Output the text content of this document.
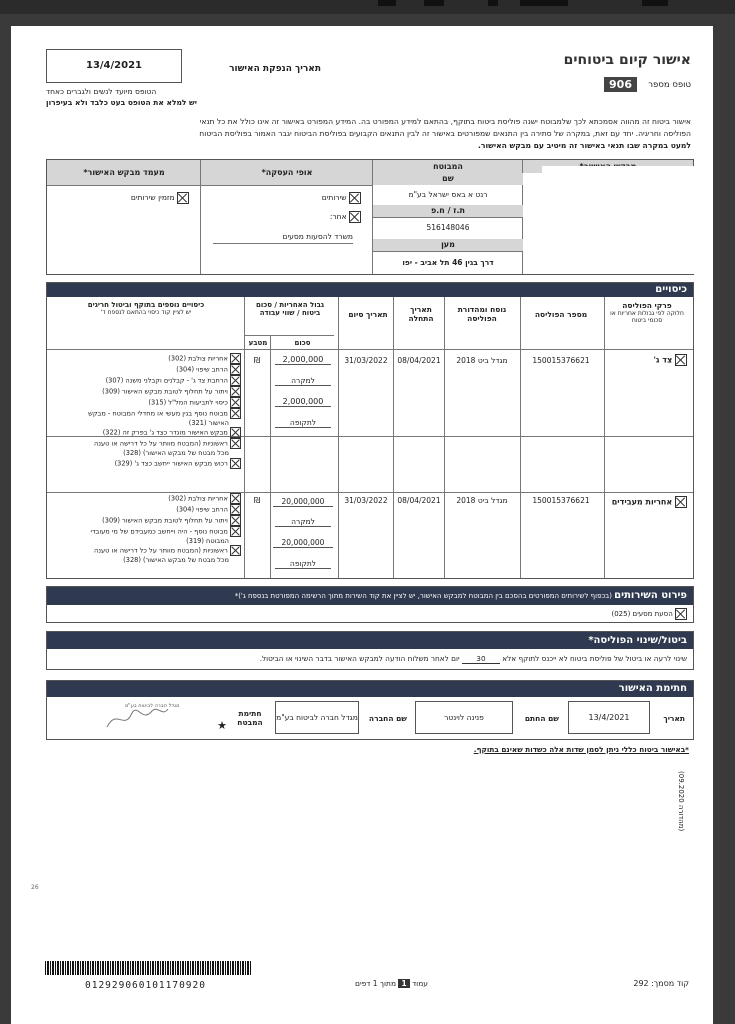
אישור קיום ביטוחים
טופס מספר
906
תאריך הנפקת האישור
13/4/2021
הטופס מיועד לנשים ולגברים כאחד
יש למלא את הטופס בעט כלבד ולא בעיפרון
אישור ביטוח זה מהווה אסמכתא לכך שלמבוטח ישנה פוליסת ביטוח בתוקף, בהתאם למידע המפורט בה. המידע המפורט באישור זה אינו כולל את כל תנאי
הפוליסה וחריגיה. יחד עם זאת, במקרה של סתירה בין התנאים שמפורטים באישור זה לבין התנאים הקבועים בפוליסת הביטוח יגבר האמור בפוליסת הביטוח
למעט במקרה שבו תנאי באישור זה מיטיב עם מבקש האישור.
המבוטח
אופי העסקה*
מעמד מבקש האישור*
שם
רנט א באס ישראל בע"מ
ת.ז / ח.פ
516148046
מען
דרך בגין 46 תל אביב - יפו
שירותים
אחר:
משרד להסעות מסעים
מזמין שירותים
כיסויים
פרקי הפוליסה
חלוקה לפי גבולות אחריות או סכומי ביטוח
מספר הפוליסה
נוסח ומהדורת הפוליסה
תאריך התחלה
תאריך סיום
גבול האחריות / סכום ביטוח / שווי עבודה
כיסויים נוספים בתוקף וביטול חריגים
יש לציין קוד כיסוי בהתאם לנספח ד'
סכום
מטבע
צד ג'
150015376621
מגדל ביט 2018
08/04/2021
31/03/2022
₪	2,000,000
למקרה
2,000,000
לתקופה
אחריות צולבת (302)
הרחב שיפוי (304)
הרחבת צד ג' - קבלנים וקבלני משנה (307)
ויתור על תחלוף לטובת מבקש האישור (309)
כיסוי לתביעות המל"ל (315)
מבוטח נוסף בגין מעשי או מחדלי המבוטח - מבקש
האישור (321)
מבקש האישור מוגדר כצד ג' בפרק זה (322)
ראשוניות (המבטח מוותר על כל דרישה או טענה
מכל מבטח של מבקש האישור) (328)
רכוש מבקש האישור ייחשב כצד ג' (329)
אחריות מעבידים
150015376621
מגדל ביט 2018
08/04/2021
31/03/2022
₪	20,000,000
למקרה
20,000,000
לתקופה
אחריות צולבת (302)
הרחב שיפוי (304)
ויתור על תחלוף לטובת מבקש האישור (309)
מבוטח נוסף - היה וייחשב כמעבידם של מי מעובדי
המבוטח (319)
ראשוניות (המבטח מוותר על כל דרישה או טענה
מכל מבטח של מבקש האישור) (328)
פירוט השירותים (בכפוף לשירותים המפורטים בהסכם בין המבוטח למבקש האישור, יש לציין את קוד השירות מתוך הרשימה המפורטת בנספח ג')*
הסעת מסעים (025)
ביטול/שינוי הפוליסה*
שינוי לרעה או ביטול של פוליסת ביטוח לא ייכנס לתוקף אלא 30 יום לאחר משלוח הודעה למבקש האישור בדבר השינוי או הביטול.
חתימת האישור
תאריך
13/4/2021
שם החתם
פנינה לוינטר
שם החברה
מגדל חברה לביטוח בע"מ
חתימת המבטח
★
מגדל חברה לביטוח בע"מ
*באישור ביטוח כללי ניתן לסמן שדות אלה כשדות שאינם בתוקף.
(מהדורה 09.2020)
26
קוד מסמך: 292
עמוד 1 מתוך 1 דפים
012929060101170920
